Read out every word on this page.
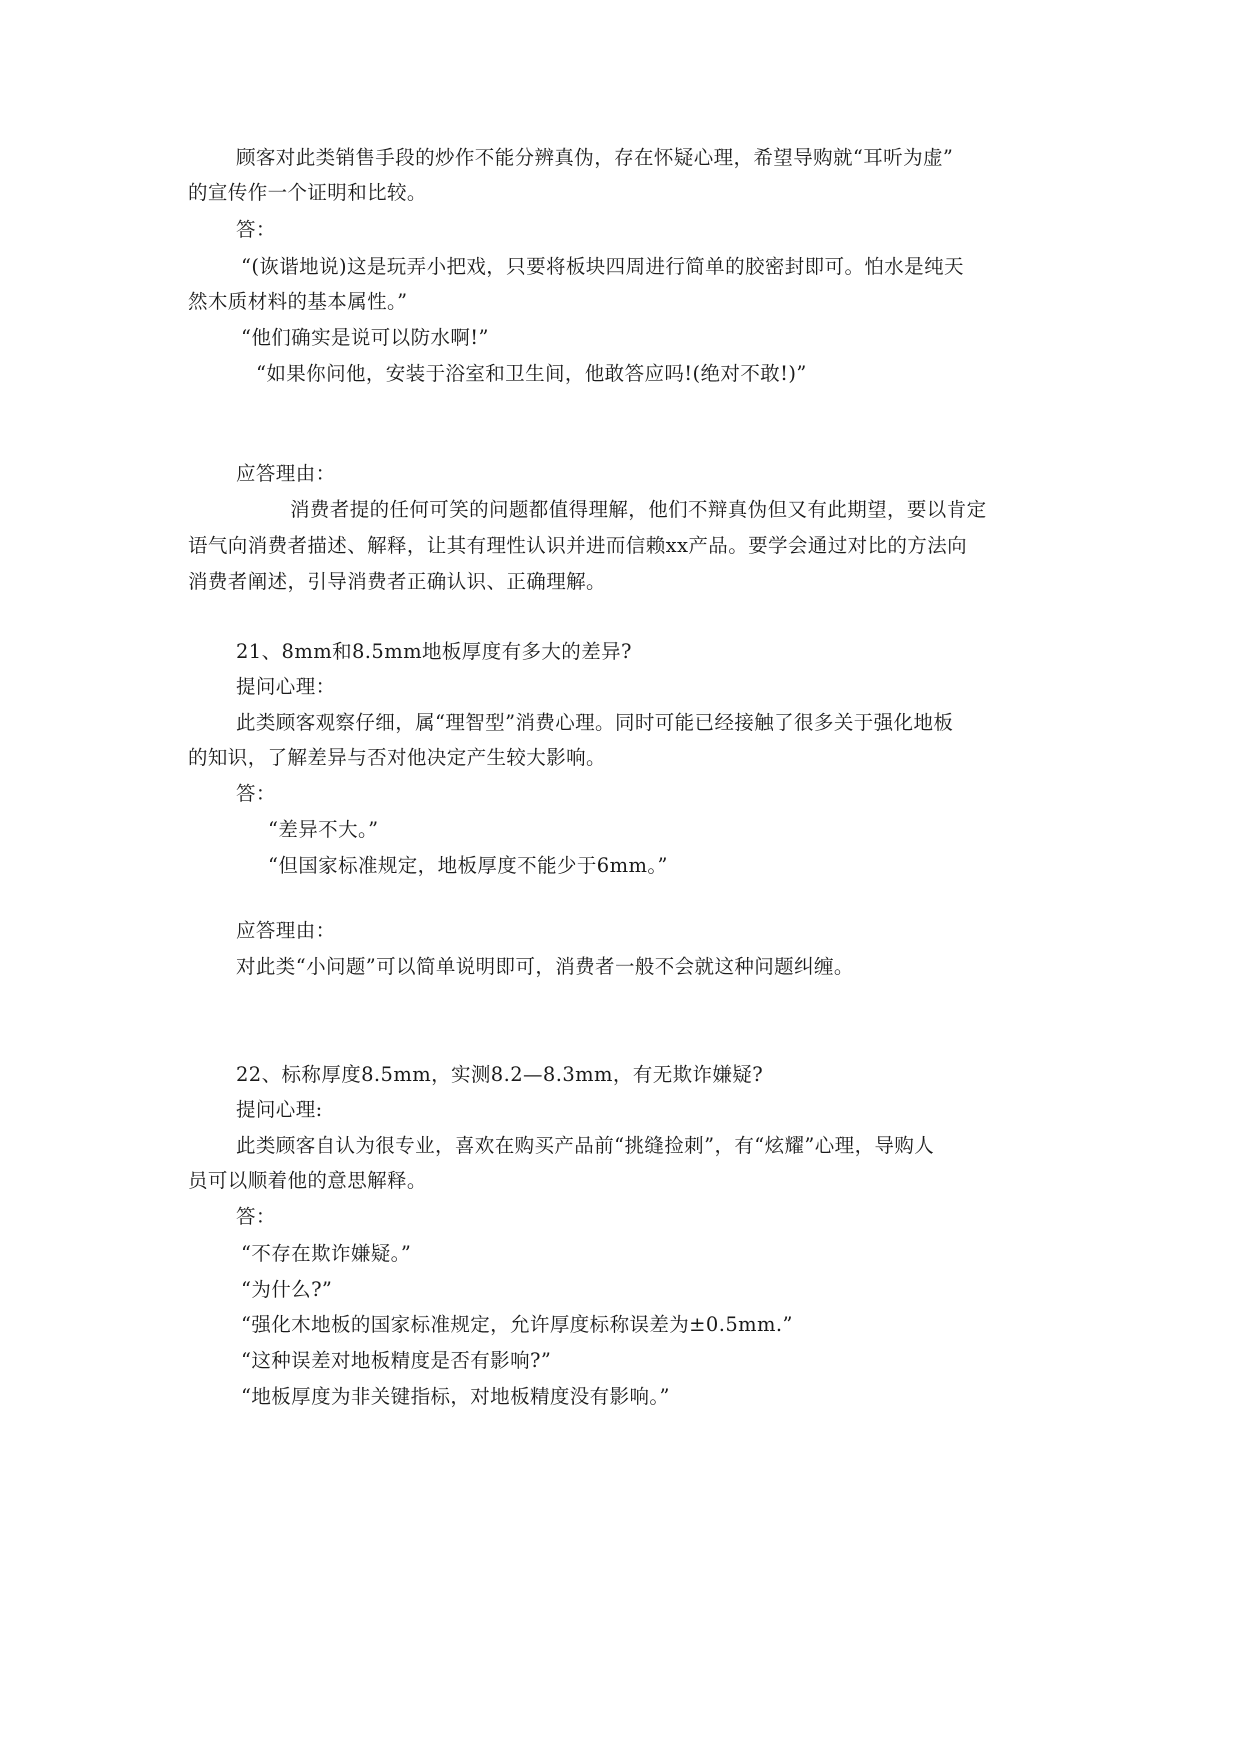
顾客对此类销售手段的炒作不能分辨真伪，存在怀疑心理，希望导购就“耳听为虚”
的宣传作一个证明和比较。
答：
“(诙谐地说)这是玩弄小把戏，只要将板块四周进行简单的胶密封即可。怕水是纯天
然木质材料的基本属性。”
“他们确实是说可以防水啊!”
“如果你问他，安装于浴室和卫生间，他敢答应吗!(绝对不敢!)”
应答理由：
消费者提的任何可笑的问题都值得理解，他们不辩真伪但又有此期望，要以肯定
语气向消费者描述、解释，让其有理性认识并进而信赖xx产品。要学会通过对比的方法向
消费者阐述，引导消费者正确认识、正确理解。
21、8mm和8.5mm地板厚度有多大的差异?
提问心理：
此类顾客观察仔细，属“理智型”消费心理。同时可能已经接触了很多关于强化地板
的知识，了解差异与否对他决定产生较大影响。
答：
“差异不大。”
“但国家标准规定，地板厚度不能少于6mm。”
应答理由：
对此类“小问题”可以简单说明即可，消费者一般不会就这种问题纠缠。
22、标称厚度8.5mm，实测8.2—8.3mm，有无欺诈嫌疑?
提问心理:
此类顾客自认为很专业，喜欢在购买产品前“挑缝捡刺”，有“炫耀”心理，导购人
员可以顺着他的意思解释。
答：
“不存在欺诈嫌疑。”
“为什么?”
“强化木地板的国家标准规定，允许厚度标称误差为±0.5mm.”
“这种误差对地板精度是否有影响?”
“地板厚度为非关键指标，对地板精度没有影响。”
